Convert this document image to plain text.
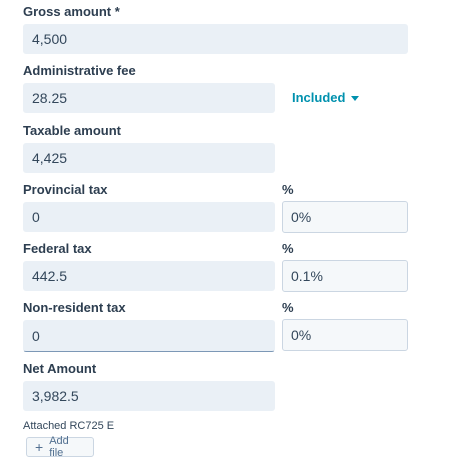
Gross amount *
4,500
Administrative fee
28.25	Included
Taxable amount
4,425
Provincial tax	%
0	0%
Federal tax	%
442.5	0.1%
Non-resident tax	%
0	0%
Net Amount
3,982.5
Attached RC725 E
+ Add file
